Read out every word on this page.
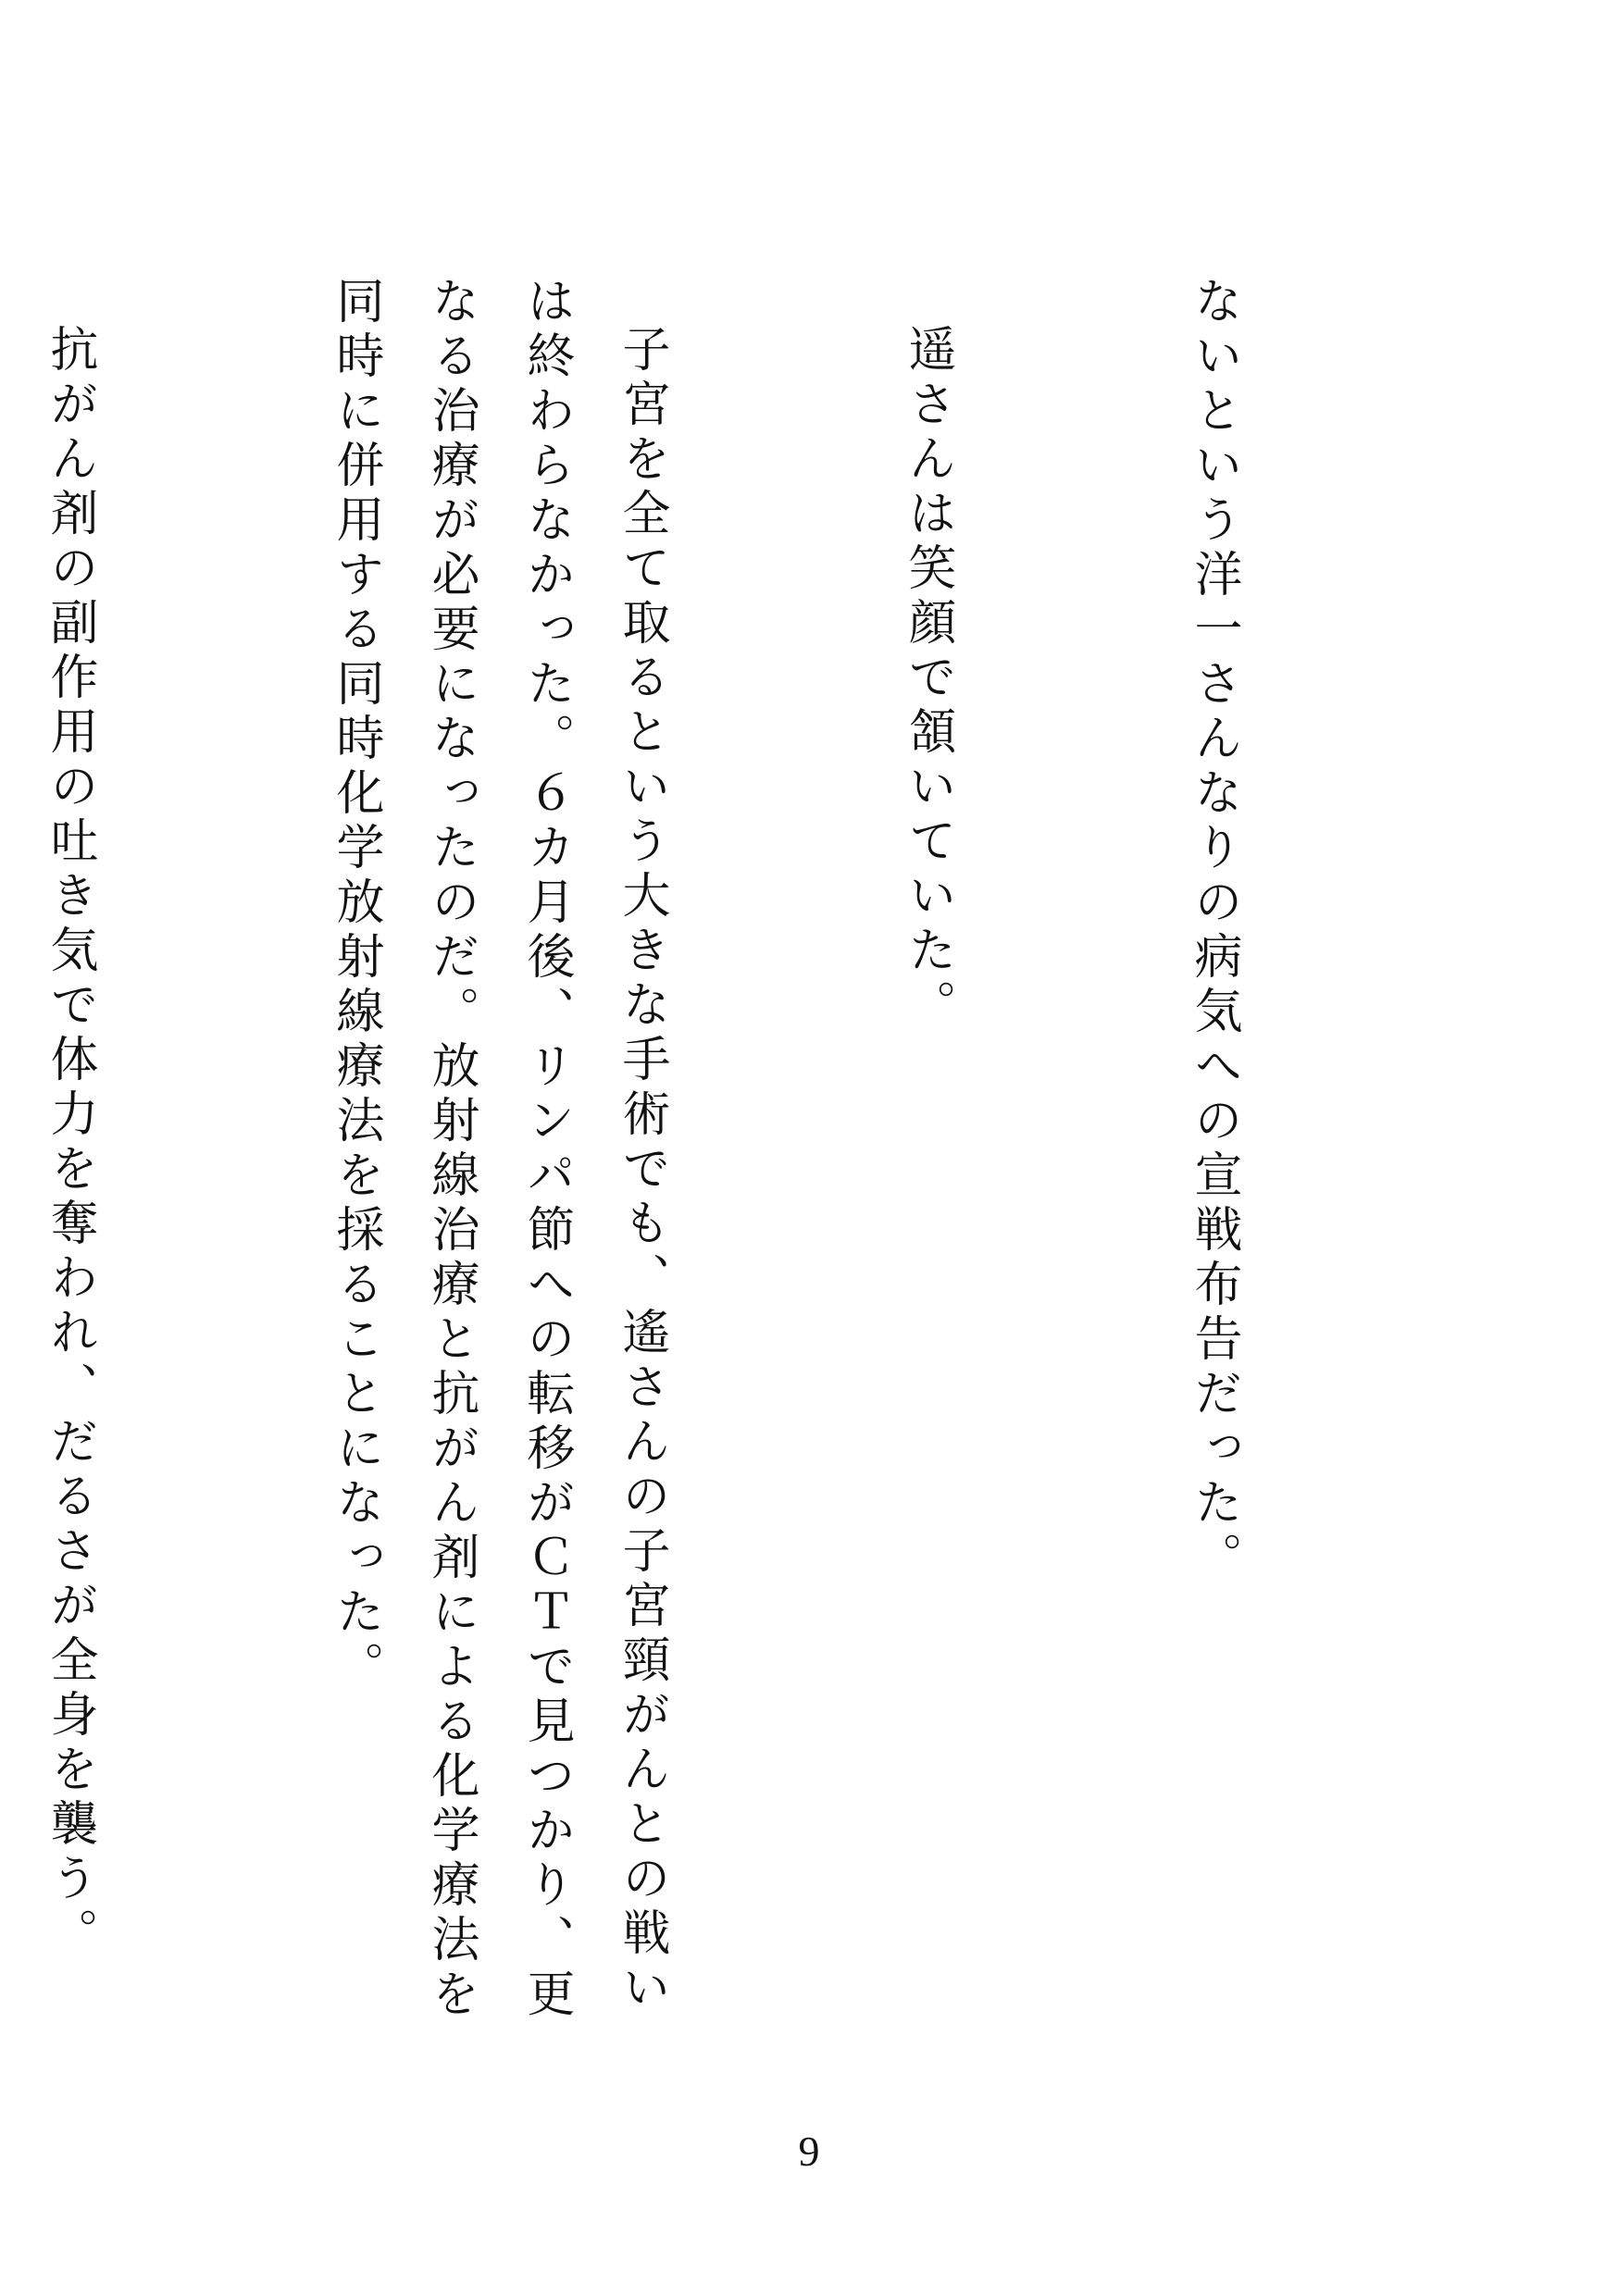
ないという洋一さんなりの病気への宣戦布告だった。

遥さんは笑顔で頷いていた。

子宮を全て取るという大きな手術でも、遙さんの子宮頸がんとの戦いは終わらなかった。６カ月後、リンパ節への転移がＣＴで見つかり、更なる治療が必要になったのだ。放射線治療と抗がん剤による化学療法を同時に併用する同時化学放射線療法を採ることになった。

抗がん剤の副作用の吐き気で体力を奪われ、だるさが全身を襲う。

9
